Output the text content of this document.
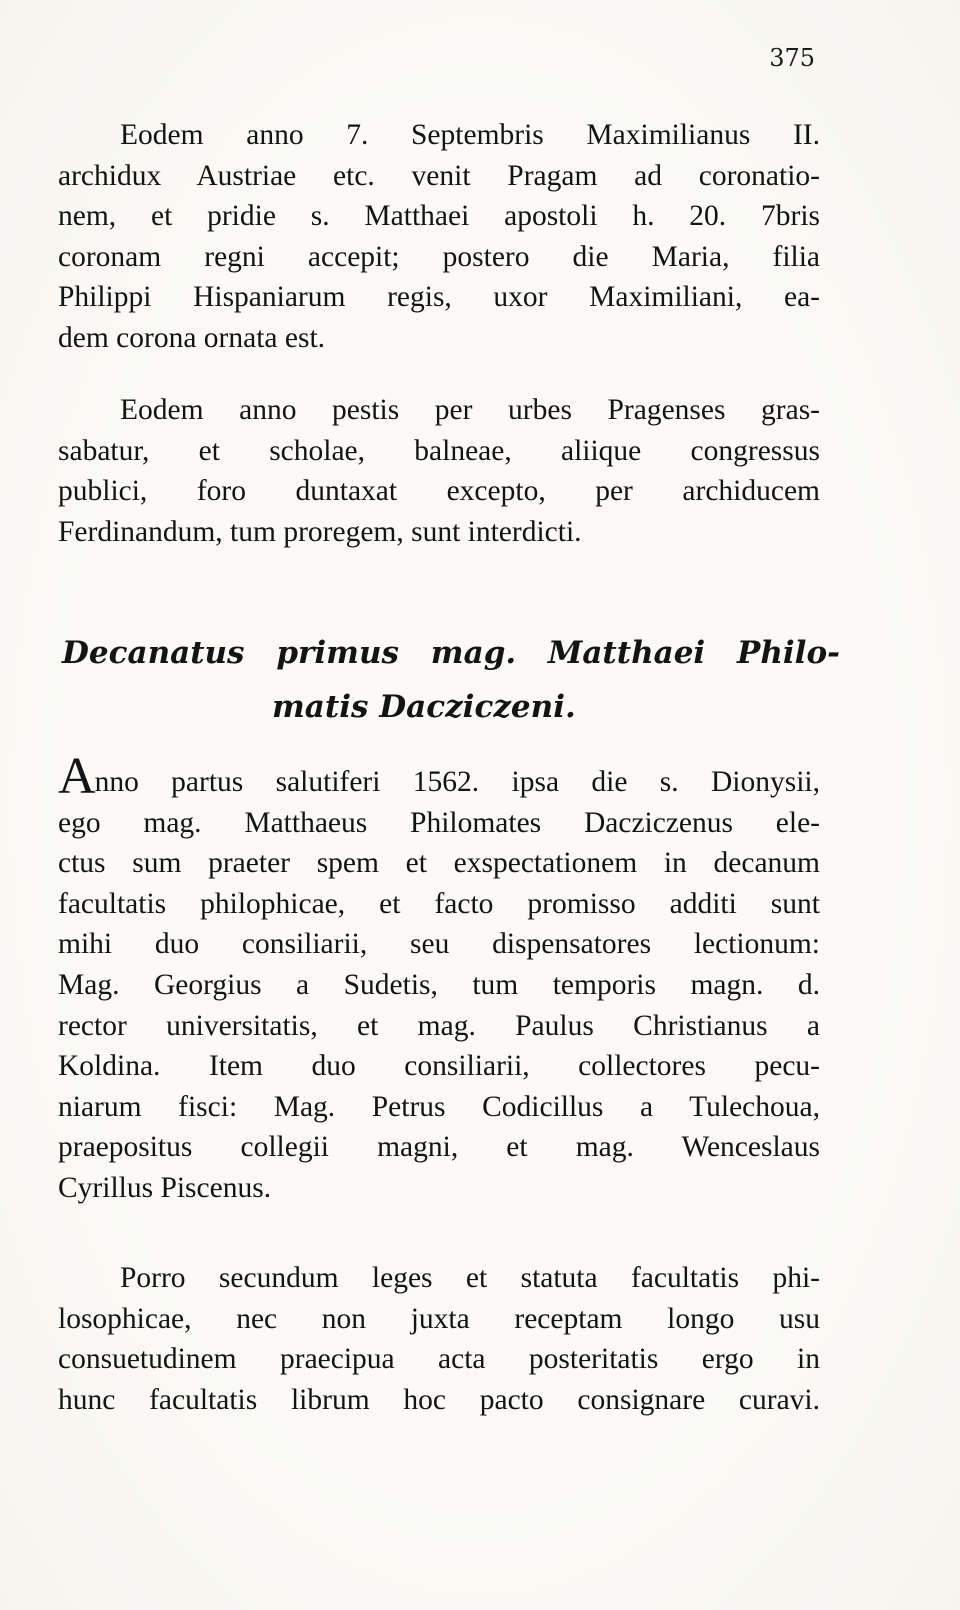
375
Eodem anno 7. Septembris Maximilianus II.
archidux Austriae etc. venit Pragam ad coronatio-
nem, et pridie s. Matthaei apostoli h. 20. 7bris
coronam regni accepit; postero die Maria, filia
Philippi Hispaniarum regis, uxor Maximiliani, ea-
dem corona ornata est.
Eodem anno pestis per urbes Pragenses gras-
sabatur, et scholae, balneae, aliique congressus
publici, foro duntaxat excepto, per archiducem
Ferdinandum, tum proregem, sunt interdicti.
Decanatus primus mag. Matthaei Philo-
matis Dacziczeni.
Anno partus salutiferi 1562. ipsa die s. Dionysii,
ego mag. Matthaeus Philomates Dacziczenus ele-
ctus sum praeter spem et exspectationem in decanum
facultatis philophicae, et facto promisso additi sunt
mihi duo consiliarii, seu dispensatores lectionum:
Mag. Georgius a Sudetis, tum temporis magn. d.
rector universitatis, et mag. Paulus Christianus a
Koldina. Item duo consiliarii, collectores pecu-
niarum fisci: Mag. Petrus Codicillus a Tulechoua,
praepositus collegii magni, et mag. Wenceslaus
Cyrillus Piscenus.
Porro secundum leges et statuta facultatis phi-
losophicae, nec non juxta receptam longo usu
consuetudinem praecipua acta posteritatis ergo in
hunc facultatis librum hoc pacto consignare curavi.
